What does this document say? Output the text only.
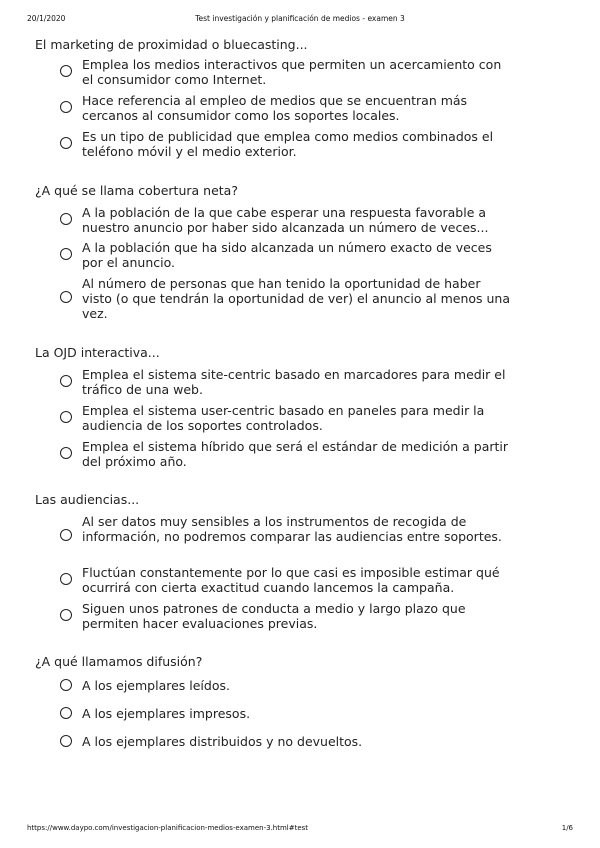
20/1/2020	Test investigación y planificación de medios - examen 3
El marketing de proximidad o bluecasting...
Emplea los medios interactivos que permiten un acercamiento con el consumidor como Internet.
Hace referencia al empleo de medios que se encuentran más cercanos al consumidor como los soportes locales.
Es un tipo de publicidad que emplea como medios combinados el teléfono móvil y el medio exterior.
¿A qué se llama cobertura neta?
A la población de la que cabe esperar una respuesta favorable a nuestro anuncio por haber sido alcanzada un número de veces...
A la población que ha sido alcanzada un número exacto de veces por el anuncio.
Al número de personas que han tenido la oportunidad de haber visto (o que tendrán la oportunidad de ver) el anuncio al menos una vez.
La OJD interactiva...
Emplea el sistema site-centric basado en marcadores para medir el tráfico de una web.
Emplea el sistema user-centric basado en paneles para medir la audiencia de los soportes controlados.
Emplea el sistema híbrido que será el estándar de medición a partir del próximo año.
Las audiencias...
Al ser datos muy sensibles a los instrumentos de recogida de información, no podremos comparar las audiencias entre soportes.
Fluctúan constantemente por lo que casi es imposible estimar qué ocurrirá con cierta exactitud cuando lancemos la campaña.
Siguen unos patrones de conducta a medio y largo plazo que permiten hacer evaluaciones previas.
¿A qué llamamos difusión?
A los ejemplares leídos.
A los ejemplares impresos.
A los ejemplares distribuidos y no devueltos.
https://www.daypo.com/investigacion-planificacion-medios-examen-3.html#test	1/6
